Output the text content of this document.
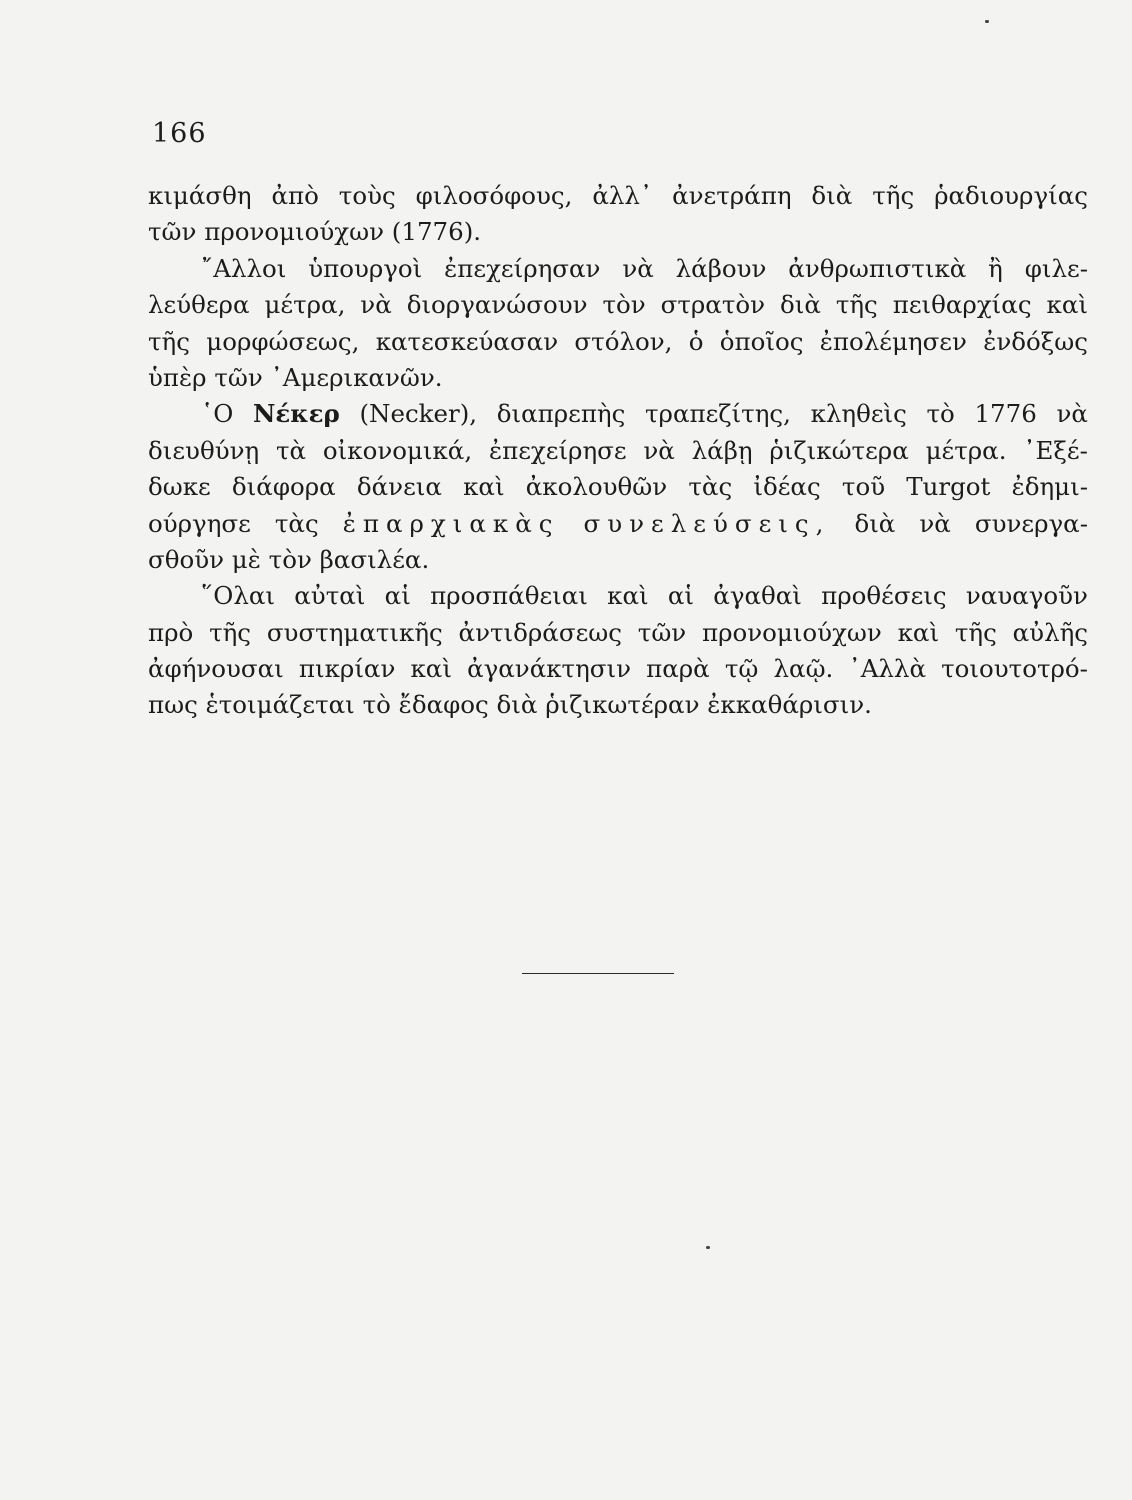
166
κιμάσθη ἀπὸ τοὺς φιλοσόφους, ἀλλ᾽ ἀνετράπη διὰ τῆς ῥαδιουργίας
τῶν προνομιούχων (1776).
῎Αλλοι ὑπουργοὶ ἐπεχείρησαν νὰ λάβουν ἀνθρωπιστικὰ ἢ φιλε-
λεύθερα μέτρα, νὰ διοργανώσουν τὸν στρατὸν διὰ τῆς πειθαρχίας καὶ
τῆς μορφώσεως, κατεσκεύασαν στόλον, ὁ ὁποῖος ἐπολέμησεν ἐνδόξως
ὑπὲρ τῶν ᾽Αμερικανῶν.
῾Ο Νέκερ (Necker), διαπρεπὴς τραπεζίτης, κληθεὶς τὸ 1776 νὰ
διευθύνῃ τὰ οἰκονομικά, ἐπεχείρησε νὰ λάβῃ ῥιζικώτερα μέτρα. ᾽Εξέ-
δωκε διάφορα δάνεια καὶ ἀκολουθῶν τὰς ἰδέας τοῦ Turgot ἐδημι-
ούργησε τὰς ἐπαρχιακὰς συνελεύσεις, διὰ νὰ συνεργα-
σθοῦν μὲ τὸν βασιλέα.
῞Ολαι αὐταὶ αἱ προσπάθειαι καὶ αἱ ἀγαθαὶ προθέσεις ναυαγοῦν
πρὸ τῆς συστηματικῆς ἀντιδράσεως τῶν προνομιούχων καὶ τῆς αὐλῆς
ἀφήνουσαι πικρίαν καὶ ἀγανάκτησιν παρὰ τῷ λαῷ. ᾽Αλλὰ τοιουτοτρό-
πως ἑτοιμάζεται τὸ ἔδαφος διὰ ῥιζικωτέραν ἐκκαθάρισιν.
